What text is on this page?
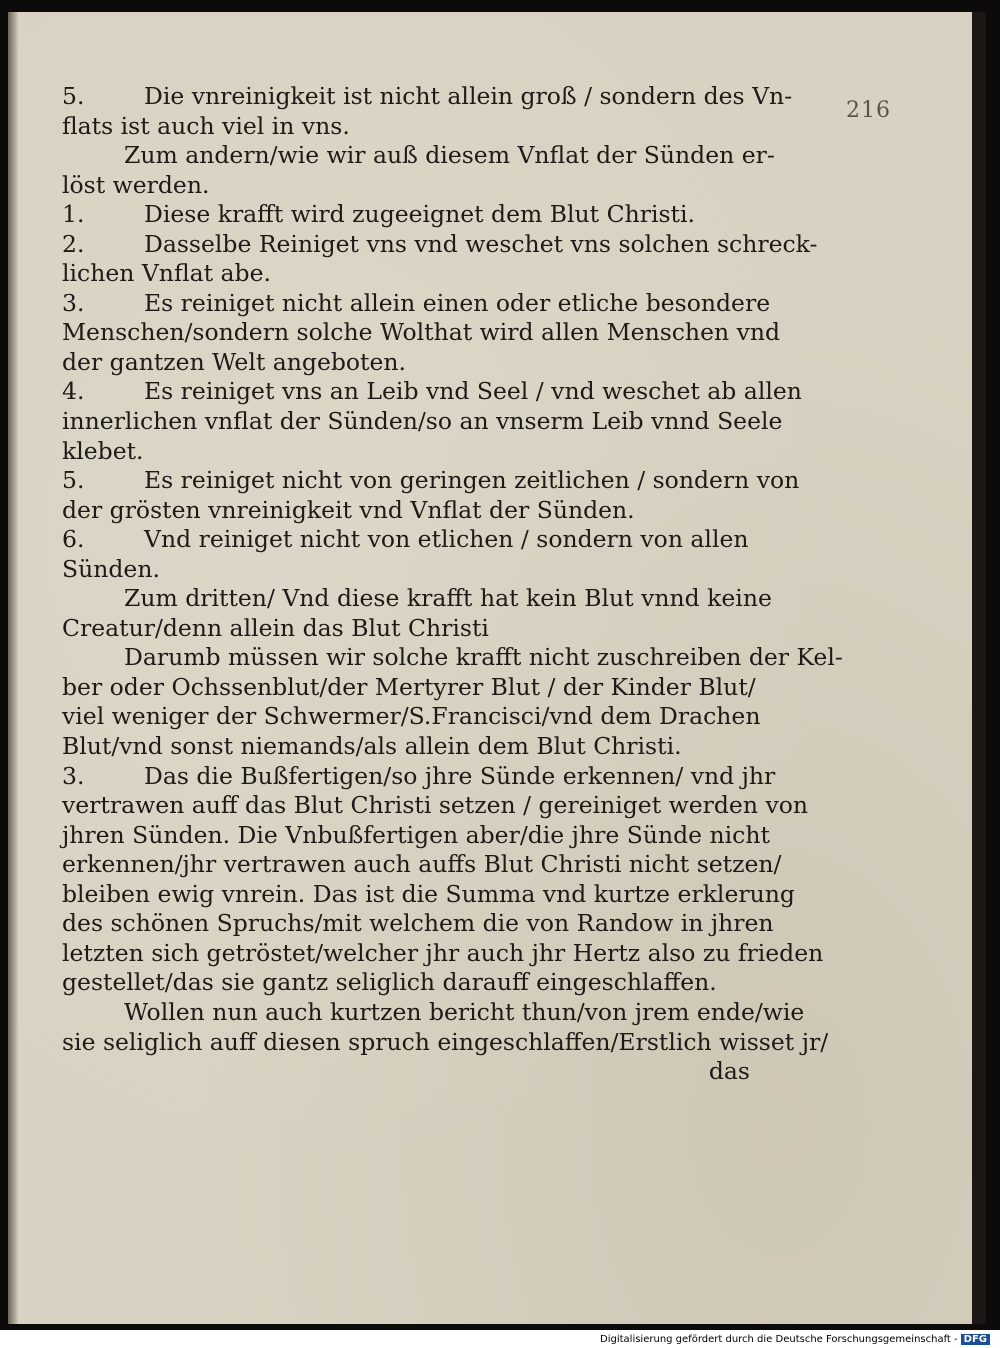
216
5.	Die vnreinigkeit ist nicht allein groß / sondern des Vn-
flats ist auch viel in vns.
Zum andern/wie wir auß diesem Vnflat der Sünden er-
löst werden.
1.	Diese krafft wird zugeeignet dem Blut Christi.
2.	Dasselbe Reiniget vns vnd weschet vns solchen schreck-
lichen Vnflat abe.
3.	Es reiniget nicht allein einen oder etliche besondere
Menschen/sondern solche Wolthat wird allen Menschen vnd
der gantzen Welt angeboten.
4.	Es reiniget vns an Leib vnd Seel / vnd weschet ab allen
innerlichen vnflat der Sünden/so an vnserm Leib vnnd Seele
klebet.
5.	Es reiniget nicht von geringen zeitlichen / sondern von
der grösten vnreinigkeit vnd Vnflat der Sünden.
6.	Vnd reiniget nicht von etlichen / sondern von allen
Sünden.
Zum dritten/ Vnd diese krafft hat kein Blut vnnd keine
Creatur/denn allein das Blut Christi
Darumb müssen wir solche krafft nicht zuschreiben der Kel-
ber oder Ochssenblut/der Mertyrer Blut / der Kinder Blut/
viel weniger der Schwermer/S.Francisci/vnd dem Drachen
Blut/vnd sonst niemands/als allein dem Blut Christi.
3.	Das die Bußfertigen/so jhre Sünde erkennen/ vnd jhr
vertrawen auff das Blut Christi setzen / gereiniget werden von
jhren Sünden. Die Vnbußfertigen aber/die jhre Sünde nicht
erkennen/jhr vertrawen auch auffs Blut Christi nicht setzen/
bleiben ewig vnrein. Das ist die Summa vnd kurtze erklerung
des schönen Spruchs/mit welchem die von Randow in jhren
letzten sich getröstet/welcher jhr auch jhr Hertz also zu frieden
gestellet/das sie gantz seliglich darauff eingeschlaffen.
Wollen nun auch kurtzen bericht thun/von jrem ende/wie
sie seliglich auff diesen spruch eingeschlaffen/Erstlich wisset jr/
das
Digitalisierung gefördert durch die Deutsche Forschungsgemeinschaft - DFG
